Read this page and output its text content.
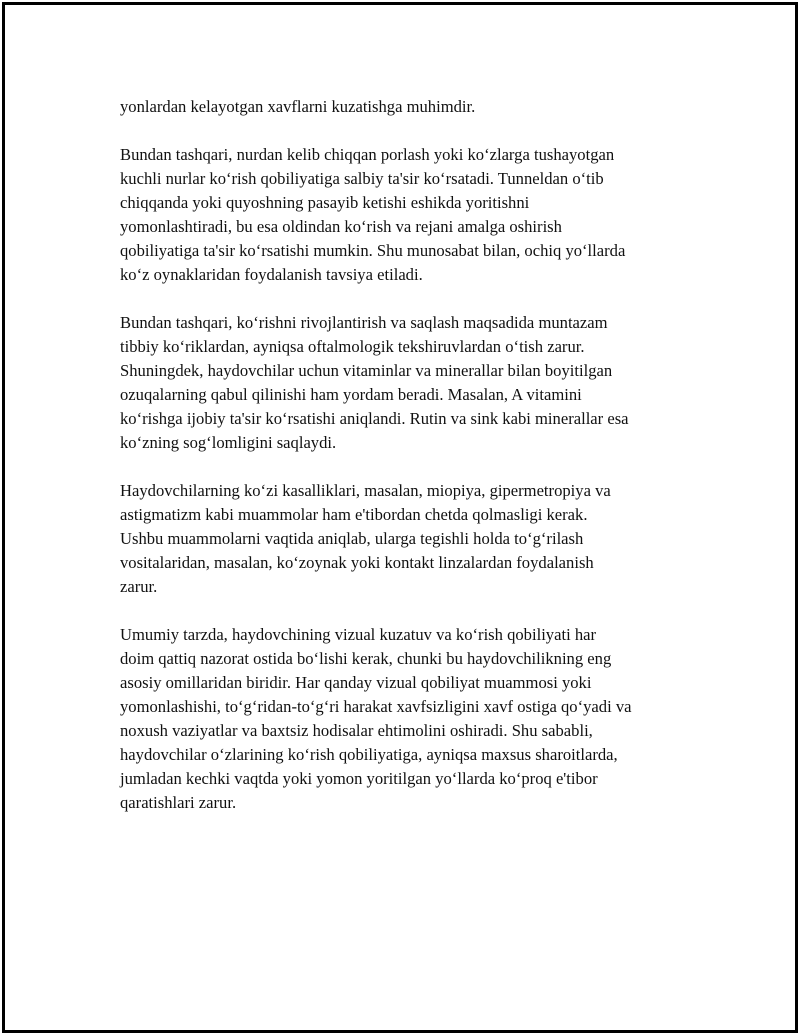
yonlardan kelayotgan xavflarni kuzatishga muhimdir.

Bundan tashqari, nurdan kelib chiqqan porlash yoki ko‘zlarga tushayotgan
kuchli nurlar ko‘rish qobiliyatiga salbiy ta'sir ko‘rsatadi. Tunneldan o‘tib
chiqqanda yoki quyoshning pasayib ketishi eshikda yoritishni
yomonlashtiradi, bu esa oldindan ko‘rish va rejani amalga oshirish
qobiliyatiga ta'sir ko‘rsatishi mumkin. Shu munosabat bilan, ochiq yo‘llarda
ko‘z oynaklaridan foydalanish tavsiya etiladi.

Bundan tashqari, ko‘rishni rivojlantirish va saqlash maqsadida muntazam
tibbiy ko‘riklardan, ayniqsa oftalmologik tekshiruvlardan o‘tish zarur.
Shuningdek, haydovchilar uchun vitaminlar va minerallar bilan boyitilgan
ozuqalarning qabul qilinishi ham yordam beradi. Masalan, A vitamini
ko‘rishga ijobiy ta'sir ko‘rsatishi aniqlandi. Rutin va sink kabi minerallar esa
ko‘zning sog‘lomligini saqlaydi.

Haydovchilarning ko‘zi kasalliklari, masalan, miopiya, gipermetropiya va
astigmatizm kabi muammolar ham e'tibordan chetda qolmasligi kerak.
Ushbu muammolarni vaqtida aniqlab, ularga tegishli holda to‘g‘rilash
vositalaridan, masalan, ko‘zoynak yoki kontakt linzalardan foydalanish
zarur.

Umumiy tarzda, haydovchining vizual kuzatuv va ko‘rish qobiliyati har
doim qattiq nazorat ostida bo‘lishi kerak, chunki bu haydovchilikning eng
asosiy omillaridan biridir. Har qanday vizual qobiliyat muammosi yoki
yomonlashishi, to‘g‘ridan-to‘g‘ri harakat xavfsizligini xavf ostiga qo‘yadi va
noxush vaziyatlar va baxtsiz hodisalar ehtimolini oshiradi. Shu sababli,
haydovchilar o‘zlarining ko‘rish qobiliyatiga, ayniqsa maxsus sharoitlarda,
jumladan kechki vaqtda yoki yomon yoritilgan yo‘llarda ko‘proq e'tibor
qaratishlari zarur.
